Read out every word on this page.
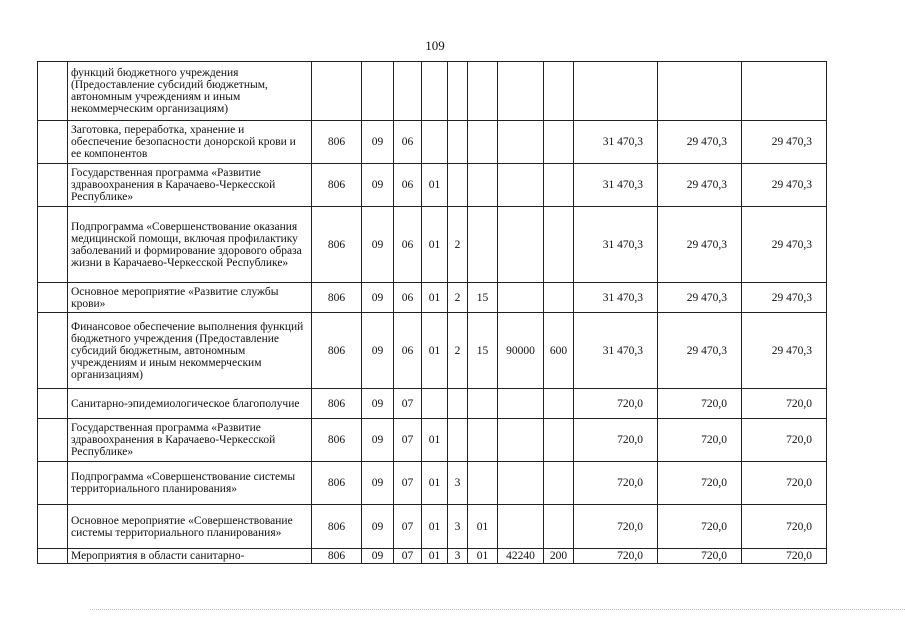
109
	функций бюджетного учреждения (Предоставление субсидий бюджетным, автономным учреждениям и иным некоммерческим организациям)											
	Заготовка, переработка, хранение и обеспечение безопасности донорской крови и ее компонентов	806	09	06						31 470,3	29 470,3	29 470,3
	Государственная программа «Развитие здравоохранения в Карачаево-Черкесской Республике»	806	09	06	01					31 470,3	29 470,3	29 470,3
	Подпрограмма «Совершенствование оказания медицинской помощи, включая профилактику заболеваний и формирование здорового образа жизни в Карачаево-Черкесской Республике»	806	09	06	01	2				31 470,3	29 470,3	29 470,3
	Основное мероприятие «Развитие службы крови»	806	09	06	01	2	15			31 470,3	29 470,3	29 470,3
	Финансовое обеспечение выполнения функций бюджетного учреждения (Предоставление субсидий бюджетным, автономным учреждениям и иным некоммерческим организациям)	806	09	06	01	2	15	90000	600	31 470,3	29 470,3	29 470,3
	Санитарно-эпидемиологическое благополучие	806	09	07						720,0	720,0	720,0
	Государственная программа «Развитие здравоохранения в Карачаево-Черкесской Республике»	806	09	07	01					720,0	720,0	720,0
	Подпрограмма «Совершенствование системы территориального планирования»	806	09	07	01	3				720,0	720,0	720,0
	Основное мероприятие «Совершенствование системы территориального планирования»	806	09	07	01	3	01			720,0	720,0	720,0
	Мероприятия в области санитарно-	806	09	07	01	3	01	42240	200	720,0	720,0	720,0
